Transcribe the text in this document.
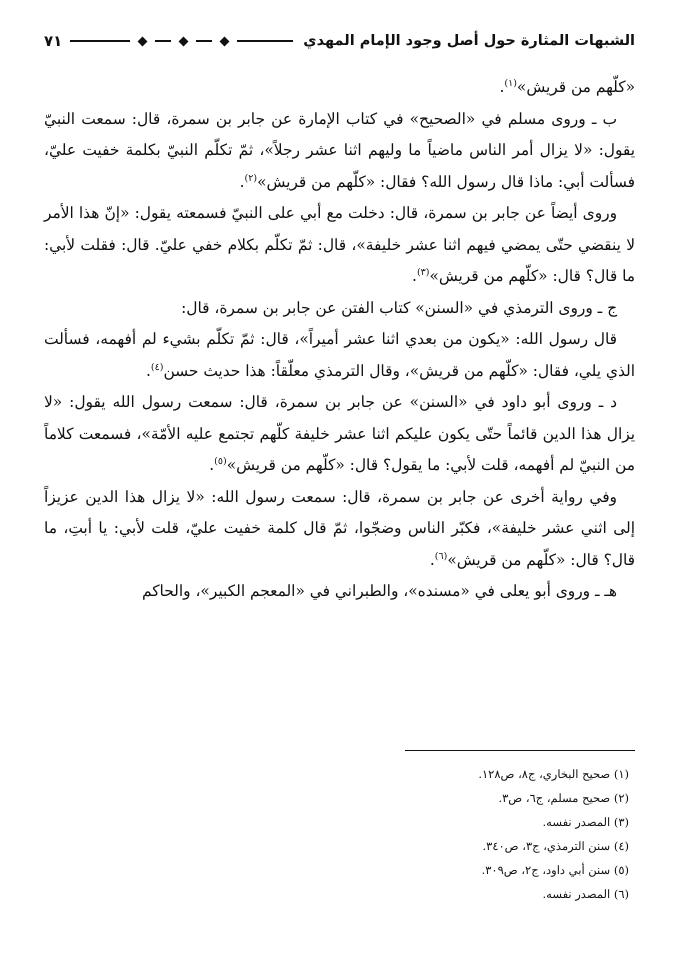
الشبهات المثارة حول أصل وجود الإمام المهدي
٧١

«كلّهم من قريش»$^{(١)}$.

ب ـ وروى مسلم في «الصحيح» في كتاب الإمارة عن جابر بن سمرة، قال: سمعت النبيّ يقول: «لا يزال أمر الناس ماضياً ما وليهم اثنا عشر رجلاً»، ثمّ تكلّم النبيّ بكلمة خفيت عليّ، فسألت أبي: ماذا قال رسول الله؟ فقال: «كلّهم من قريش»$^{(٢)}$.

وروى أيضاً عن جابر بن سمرة، قال: دخلت مع أبي على النبيّ فسمعته يقول: «إنّ هذا الأمر لا ينقضي حتّى يمضي فيهم اثنا عشر خليفة»، قال: ثمّ تكلّم بكلام خفي عليّ. قال: فقلت لأبي: ما قال؟ قال: «كلّهم من قريش»$^{(٣)}$.

ج ـ وروى الترمذي في «السنن» كتاب الفتن عن جابر بن سمرة، قال:

قال رسول الله: «يكون من بعدي اثنا عشر أميراً»، قال: ثمّ تكلّم بشيء لم أفهمه، فسألت الذي يلي، فقال: «كلّهم من قريش»، وقال الترمذي معلّقاً: هذا حديث حسن$^{(٤)}$.

د ـ وروى أبو داود في «السنن» عن جابر بن سمرة، قال: سمعت رسول الله يقول: «لا يزال هذا الدين قائماً حتّى يكون عليكم اثنا عشر خليفة كلّهم تجتمع عليه الأمّة»، فسمعت كلاماً من النبيّ لم أفهمه، قلت لأبي: ما يقول؟ قال: «كلّهم من قريش»$^{(٥)}$.

وفي رواية أخرى عن جابر بن سمرة، قال: سمعت رسول الله: «لا يزال هذا الدين عزيزاً إلى اثني عشر خليفة»، فكبّر الناس وضجّوا، ثمّ قال كلمة خفيت عليّ، قلت لأبي: يا أبتِ، ما قال؟ قال: «كلّهم من قريش»$^{(٦)}$.

هـ ـ وروى أبو يعلى في «مسنده»، والطبراني في «المعجم الكبير»، والحاكم

(١) صحيح البخاري، ج٨، ص١٢٨.
(٢) صحيح مسلم، ج٦، ص٣.
(٣) المصدر نفسه.
(٤) سنن الترمذي، ج٣، ص٣٤٠.
(٥) سنن أبي داود، ج٢، ص٣٠٩.
(٦) المصدر نفسه.
